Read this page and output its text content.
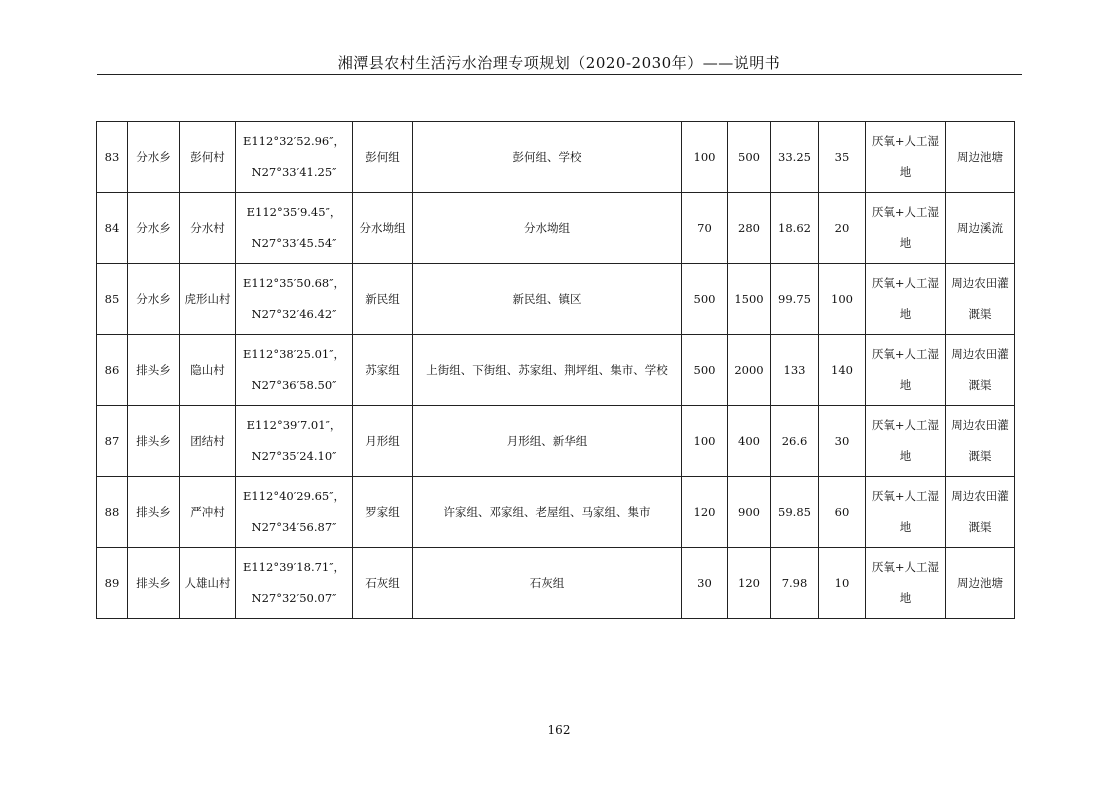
湘潭县农村生活污水治理专项规划（2020-2030年）——说明书
83	分水乡	彭何村	E112°32′52.96″，
N27°33′41.25″	彭何组	彭何组、学校	100	500	33.25	35	厌氧+人工湿
地	周边池塘

84	分水乡	分水村	E112°35′9.45″，
N27°33′45.54″	分水坳组	分水坳组	70	280	18.62	20	厌氧+人工湿
地	周边溪流

85	分水乡	虎形山村	E112°35′50.68″，
N27°32′46.42″	新民组	新民组、镇区	500	1500	99.75	100	厌氧+人工湿
地	周边农田灌
溉渠

86	排头乡	隐山村	E112°38′25.01″，
N27°36′58.50″	苏家组	上街组、下街组、苏家组、荆坪组、集市、学校	500	2000	133	140	厌氧+人工湿
地	周边农田灌
溉渠

87	排头乡	团结村	E112°39′7.01″，
N27°35′24.10″	月形组	月形组、新华组	100	400	26.6	30	厌氧+人工湿
地	周边农田灌
溉渠

88	排头乡	严冲村	E112°40′29.65″，
N27°34′56.87″	罗家组	许家组、邓家组、老屋组、马家组、集市	120	900	59.85	60	厌氧+人工湿
地	周边农田灌
溉渠

89	排头乡	人雄山村	E112°39′18.71″，
N27°32′50.07″	石灰组	石灰组	30	120	7.98	10	厌氧+人工湿
地	周边池塘
162
